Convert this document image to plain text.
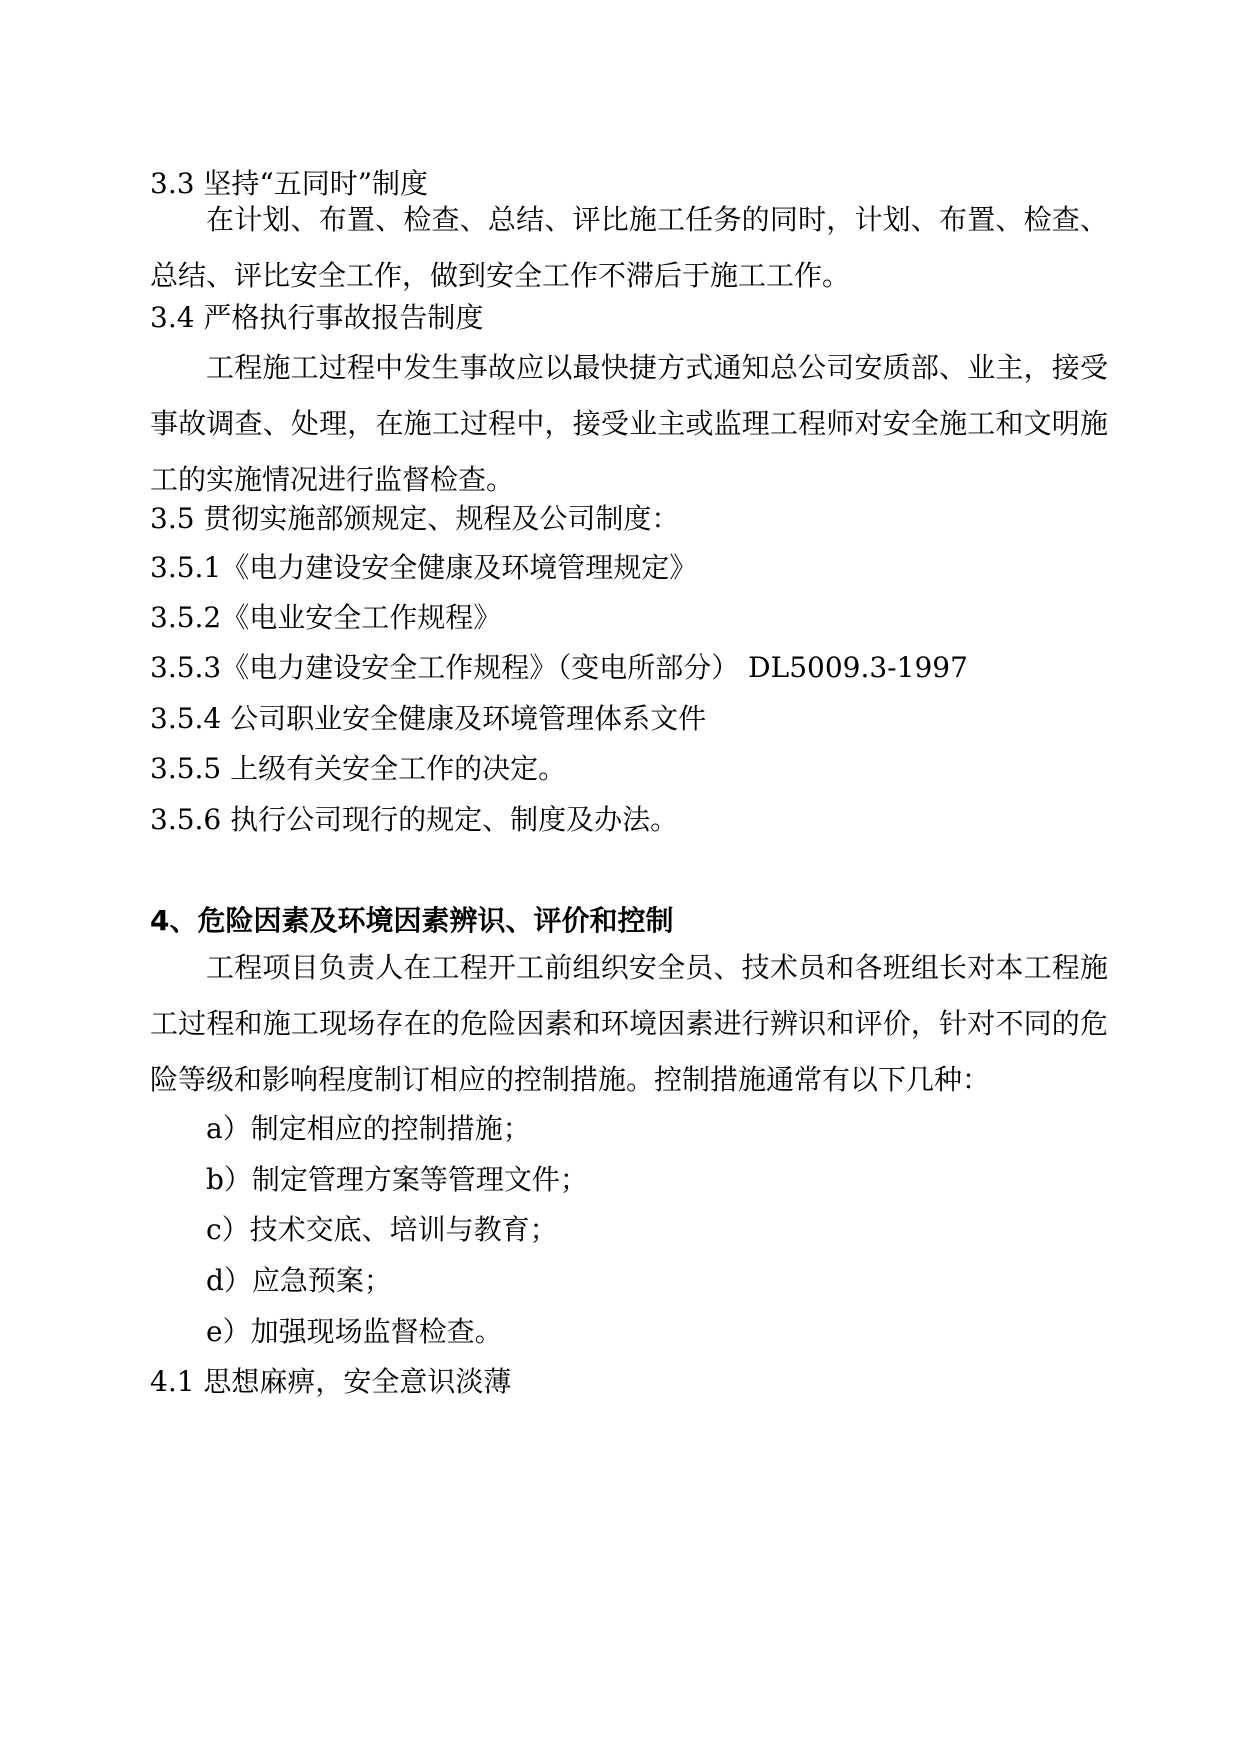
3.3 坚持“五同时”制度
在计划、布置、检查、总结、评比施工任务的同时，计划、布置、检查、总结、评比安全工作，做到安全工作不滞后于施工工作。
3.4 严格执行事故报告制度
工程施工过程中发生事故应以最快捷方式通知总公司安质部、业主，接受事故调查、处理，在施工过程中，接受业主或监理工程师对安全施工和文明施工的实施情况进行监督检查。
3.5 贯彻实施部颁规定、规程及公司制度：
3.5.1《电力建设安全健康及环境管理规定》
3.5.2《电业安全工作规程》
3.5.3《电力建设安全工作规程》（变电所部分） DL5009.3-1997
3.5.4 公司职业安全健康及环境管理体系文件
3.5.5 上级有关安全工作的决定。
3.5.6 执行公司现行的规定、制度及办法。
4、危险因素及环境因素辨识、评价和控制
工程项目负责人在工程开工前组织安全员、技术员和各班组长对本工程施工过程和施工现场存在的危险因素和环境因素进行辨识和评价，针对不同的危险等级和影响程度制订相应的控制措施。控制措施通常有以下几种：
a）制定相应的控制措施；
b）制定管理方案等管理文件；
c）技术交底、培训与教育；
d）应急预案；
e）加强现场监督检查。
4.1 思想麻痹，安全意识淡薄
